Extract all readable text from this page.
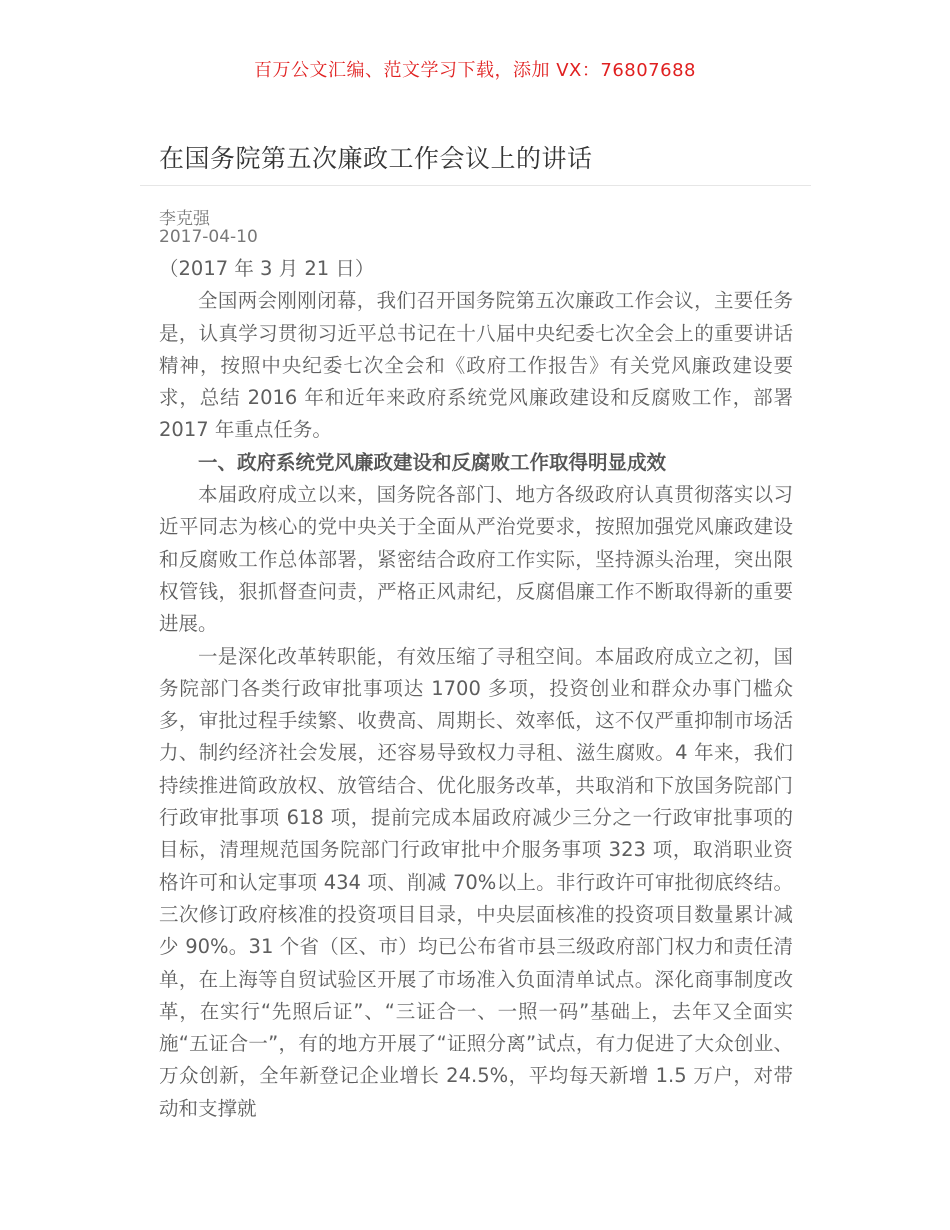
百万公文汇编、范文学习下载，添加 VX：76807688
在国务院第五次廉政工作会议上的讲话
李克强
2017-04-10

（2017 年 3 月 21 日）

全国两会刚刚闭幕，我们召开国务院第五次廉政工作会议，主要任务是，认真学习贯彻习近平总书记在十八届中央纪委七次全会上的重要讲话精神，按照中央纪委七次全会和《政府工作报告》有关党风廉政建设要求，总结 2016 年和近年来政府系统党风廉政建设和反腐败工作，部署 2017 年重点任务。

一、政府系统党风廉政建设和反腐败工作取得明显成效

本届政府成立以来，国务院各部门、地方各级政府认真贯彻落实以习近平同志为核心的党中央关于全面从严治党要求，按照加强党风廉政建设和反腐败工作总体部署，紧密结合政府工作实际，坚持源头治理，突出限权管钱，狠抓督查问责，严格正风肃纪，反腐倡廉工作不断取得新的重要进展。

一是深化改革转职能，有效压缩了寻租空间。本届政府成立之初，国务院部门各类行政审批事项达 1700 多项，投资创业和群众办事门槛众多，审批过程手续繁、收费高、周期长、效率低，这不仅严重抑制市场活力、制约经济社会发展，还容易导致权力寻租、滋生腐败。4 年来，我们持续推进简政放权、放管结合、优化服务改革，共取消和下放国务院部门行政审批事项 618 项，提前完成本届政府减少三分之一行政审批事项的目标，清理规范国务院部门行政审批中介服务事项 323 项，取消职业资格许可和认定事项 434 项、削减 70%以上。非行政许可审批彻底终结。三次修订政府核准的投资项目目录，中央层面核准的投资项目数量累计减少 90%。31 个省（区、市）均已公布省市县三级政府部门权力和责任清单，在上海等自贸试验区开展了市场准入负面清单试点。深化商事制度改革，在实行“先照后证”、“三证合一、一照一码”基础上，去年又全面实施“五证合一”，有的地方开展了“证照分离”试点，有力促进了大众创业、万众创新，全年新登记企业增长 24.5%，平均每天新增 1.5 万户，对带动和支撑就
